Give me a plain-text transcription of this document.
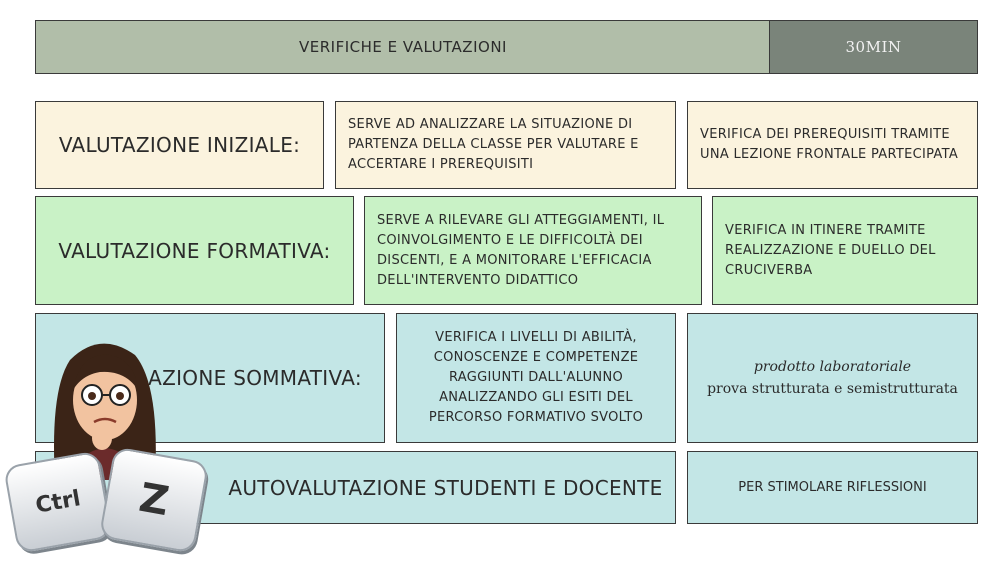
VERIFICHE E VALUTAZIONI	30MIN
VALUTAZIONE INIZIALE:
SERVE AD ANALIZZARE LA SITUAZIONE DI PARTENZA DELLA CLASSE PER VALUTARE E ACCERTARE I PREREQUISITI
VERIFICA DEI PREREQUISITI TRAMITE UNA LEZIONE FRONTALE PARTECIPATA
VALUTAZIONE FORMATIVA:
SERVE A RILEVARE GLI ATTEGGIAMENTI, IL COINVOLGIMENTO E LE DIFFICOLTÀ DEI DISCENTI, E A MONITORARE L'EFFICACIA DELL'INTERVENTO DIDATTICO
VERIFICA IN ITINERE TRAMITE REALIZZAZIONE E DUELLO DEL CRUCIVERBA
AZIONE SOMMATIVA:
VERIFICA I LIVELLI DI ABILITÀ, CONOSCENZE E COMPETENZE RAGGIUNTI DALL'ALUNNO ANALIZZANDO GLI ESITI DEL PERCORSO FORMATIVO SVOLTO
prodotto laboratoriale
prova strutturata e semistrutturata
AUTOVALUTAZIONE STUDENTI E DOCENTE	PER STIMOLARE RIFLESSIONI
Ctrl Z
